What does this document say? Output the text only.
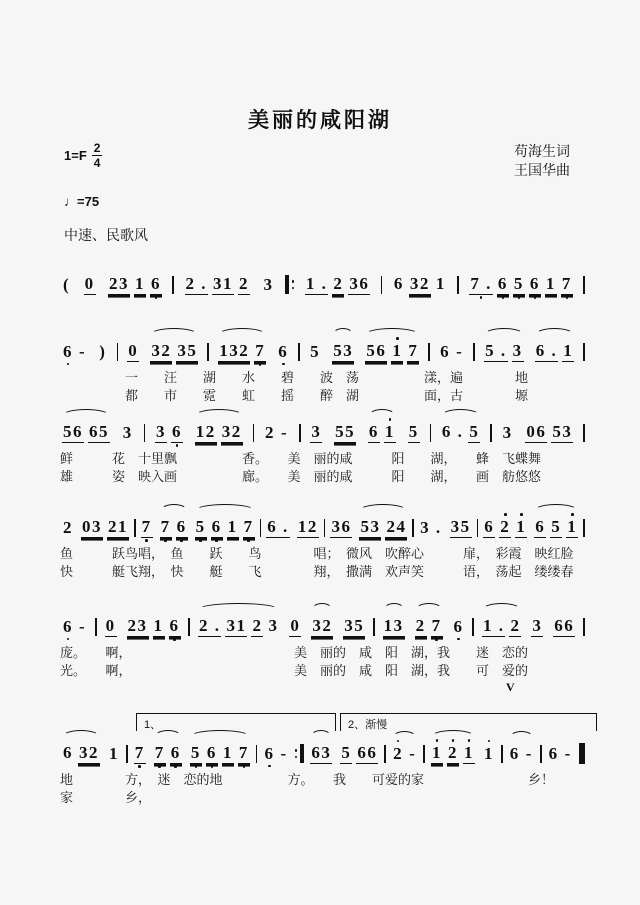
美丽的咸阳湖
$1=F \frac{2}{4}$	苟海生词
王国华曲
♩=75
中速、民歌风
( 0 23 1 6 2 . 31 2 3 1 . 2 36 6 32 1 7 . 6 5 6 1 7
6 - ) 0 32 35 132 7 6 5 53 56 1 7 6 - 5 . 3 6 . 1
　　　　　一　　汪　　湖　　水　　碧　　波　荡　　　　　漾，遍　　　　地
　　　　　都　　市　　霓　　虹　　摇　　醉　湖　　　　　面，古　　　　塬
56 65 3 3 6 12 32 2 - 3 55 6 1 5 6 . 5 3 06 53
鲜　　　花　十里飘　　　　　香。　　美　丽的咸　　　阳　　湖，　　蜂　飞蝶舞
雄　　　姿　映入画　　　　　廊。　　美　丽的咸　　　阳　　湖，　　画　舫悠悠
2 03 21 7 7 6 5 6 1 7 6 . 12 36 53 24 3 . 35 6 2 1 6 5 1
鱼　　　跃鸟唱，　鱼　　跃　　鸟　　　　唱；　微风　吹醉心　　　扉，　彩霞　映红脸
快　　　艇飞翔，　快　　艇　　飞　　　　翔，　撒满　欢声笑　　　语，　荡起　缕缕春
6 - 0 23 1 6 2 . 31 2 3 0 32 35 13 2 7 6 1 . 2 3 66
庞。　　啊，　　　　　　　　　　　　　美　丽的　咸　阳　湖，我　　迷　恋的
光。　　啊，　　　　　　　　　　　　　美　丽的　咸　阳　湖，我　　可　爱的
V
1、	2、渐慢
6 32 1 7 7 6 5 6 1 7 6 - 63 5 66 2 - 1 2 1 1 6 - 6 -
地　　　　方，　迷　恋的地　　　　　方。　　我　　可爱的家　　　　　　　　乡！
家　　　　乡，
